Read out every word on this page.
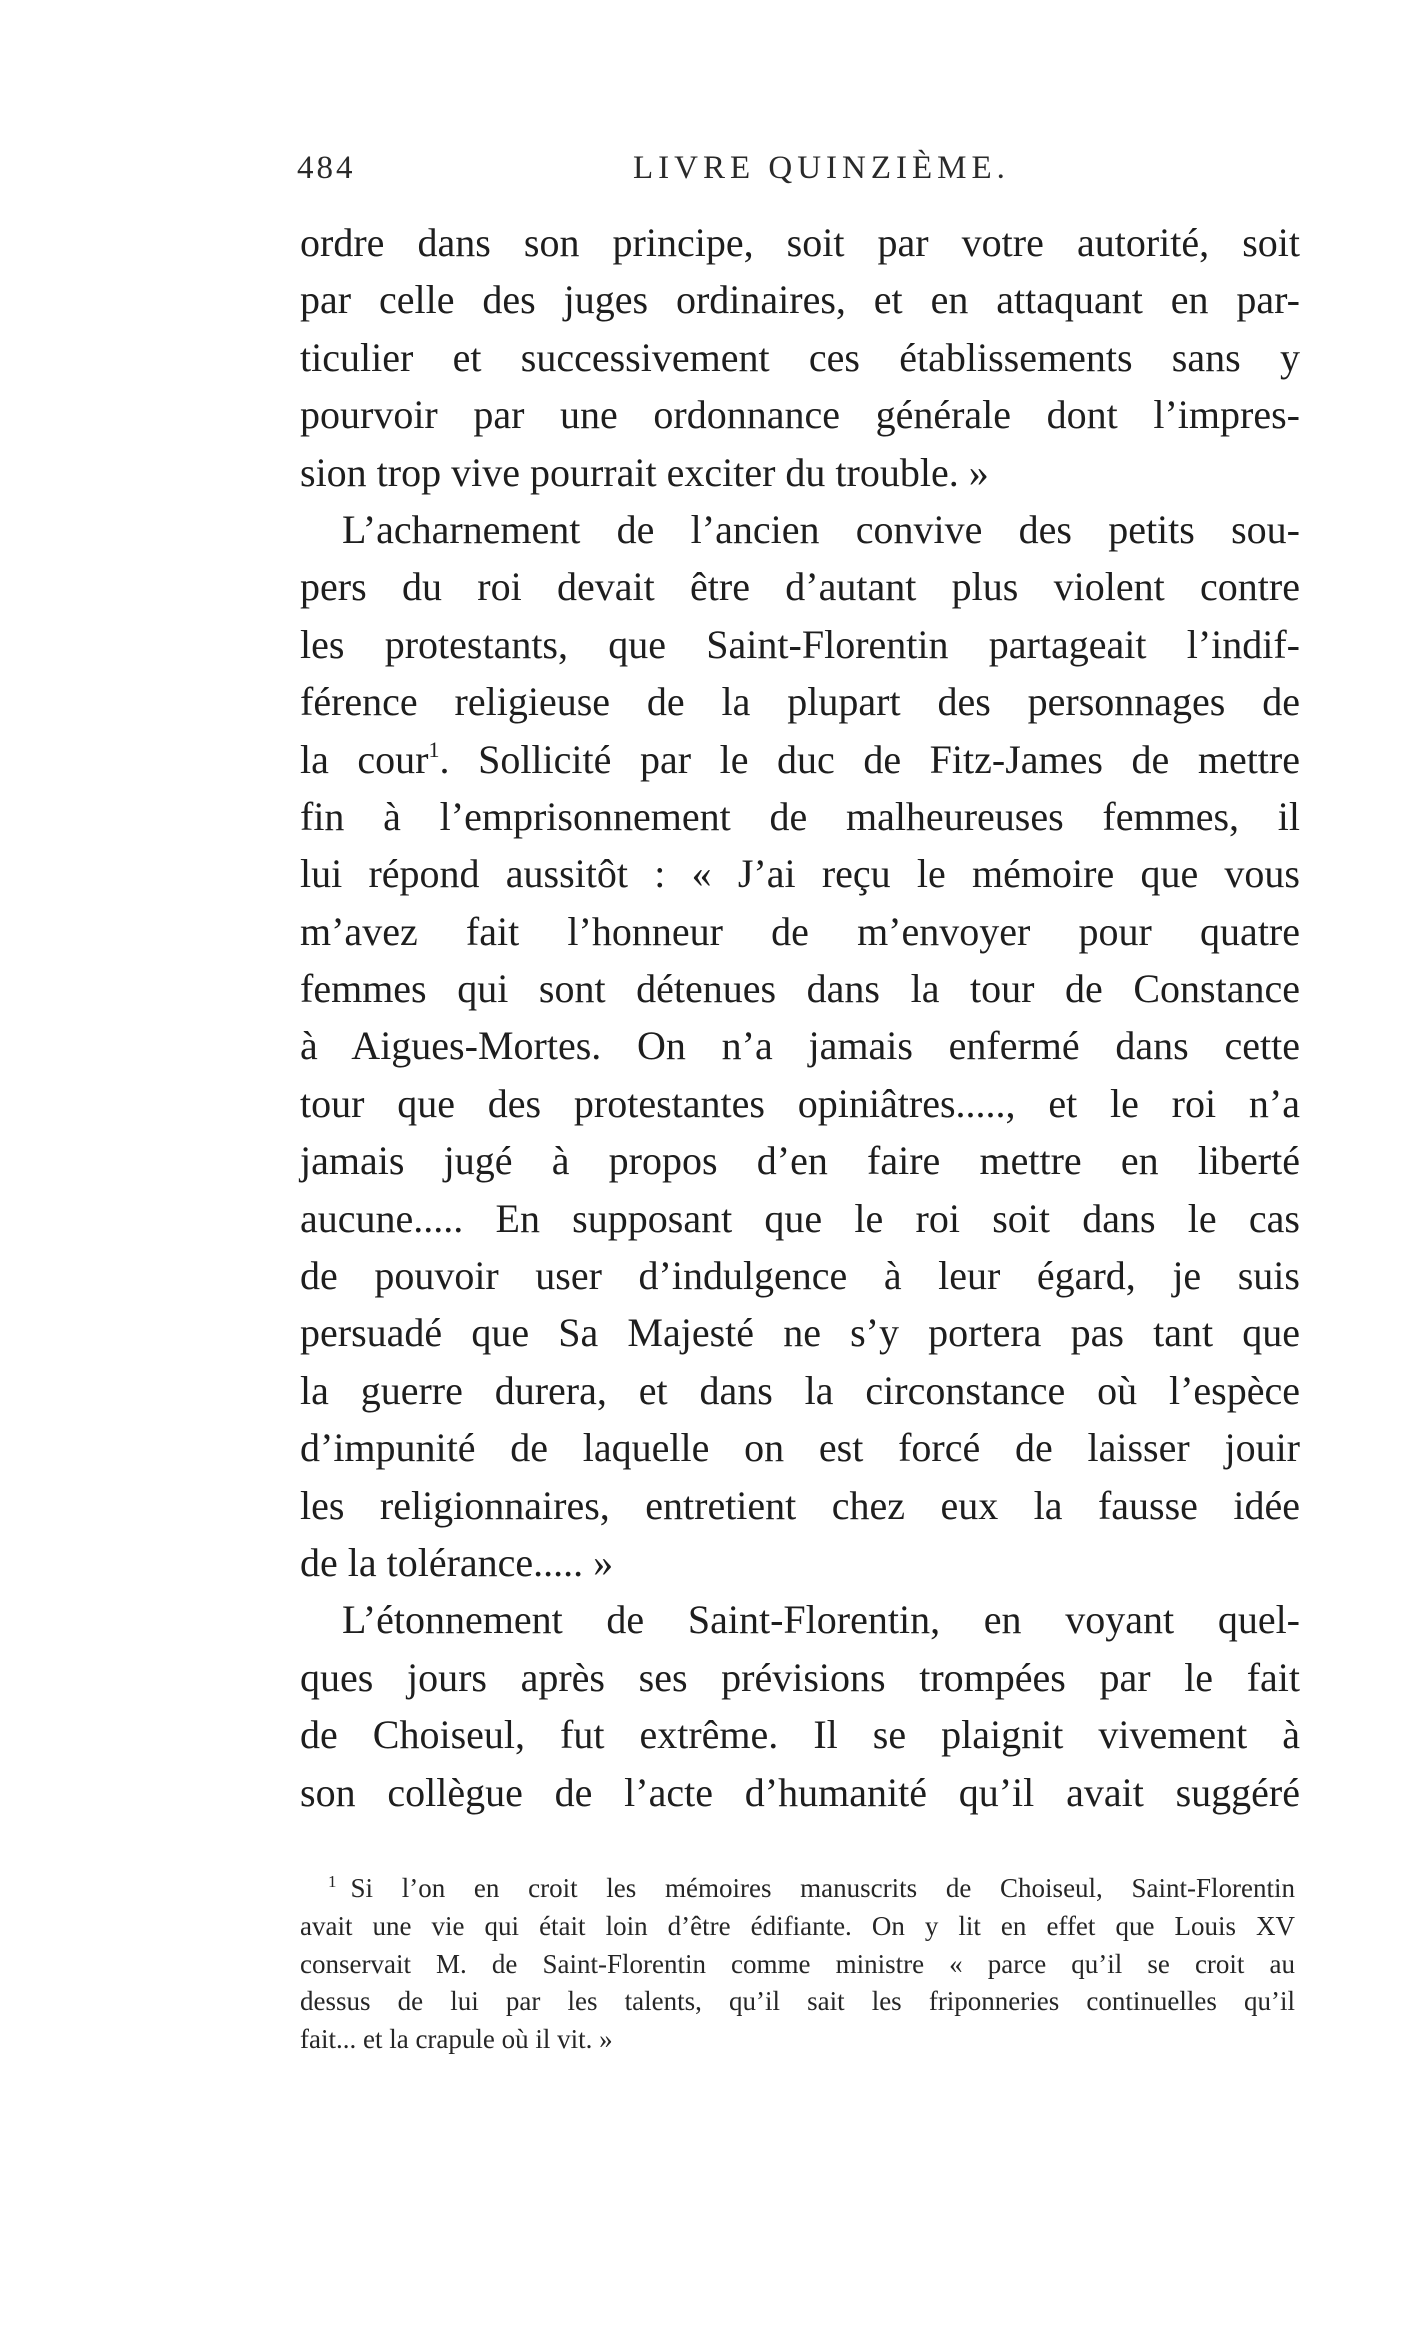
484	LIVRE QUINZIÈME.
ordre dans son principe, soit par votre autorité, soit
par celle des juges ordinaires, et en attaquant en par-
ticulier et successivement ces établissements sans y
pourvoir par une ordonnance générale dont l’impres-
sion trop vive pourrait exciter du trouble. »
L’acharnement de l’ancien convive des petits sou-
pers du roi devait être d’autant plus violent contre
les protestants, que Saint-Florentin partageait l’indif-
férence religieuse de la plupart des personnages de
la cour$^1$. Sollicité par le duc de Fitz-James de mettre
fin à l’emprisonnement de malheureuses femmes, il
lui répond aussitôt : « J’ai reçu le mémoire que vous
m’avez fait l’honneur de m’envoyer pour quatre
femmes qui sont détenues dans la tour de Constance
à Aigues-Mortes. On n’a jamais enfermé dans cette
tour que des protestantes opiniâtres....., et le roi n’a
jamais jugé à propos d’en faire mettre en liberté
aucune..... En supposant que le roi soit dans le cas
de pouvoir user d’indulgence à leur égard, je suis
persuadé que Sa Majesté ne s’y portera pas tant que
la guerre durera, et dans la circonstance où l’espèce
d’impunité de laquelle on est forcé de laisser jouir
les religionnaires, entretient chez eux la fausse idée
de la tolérance..... »
L’étonnement de Saint-Florentin, en voyant quel-
ques jours après ses prévisions trompées par le fait
de Choiseul, fut extrême. Il se plaignit vivement à
son collègue de l’acte d’humanité qu’il avait suggéré
$^1$ Si l’on en croit les mémoires manuscrits de Choiseul, Saint-Florentin
avait une vie qui était loin d’être édifiante. On y lit en effet que Louis XV
conservait M. de Saint-Florentin comme ministre « parce qu’il se croit au
dessus de lui par les talents, qu’il sait les friponneries continuelles qu’il
fait... et la crapule où il vit. »
